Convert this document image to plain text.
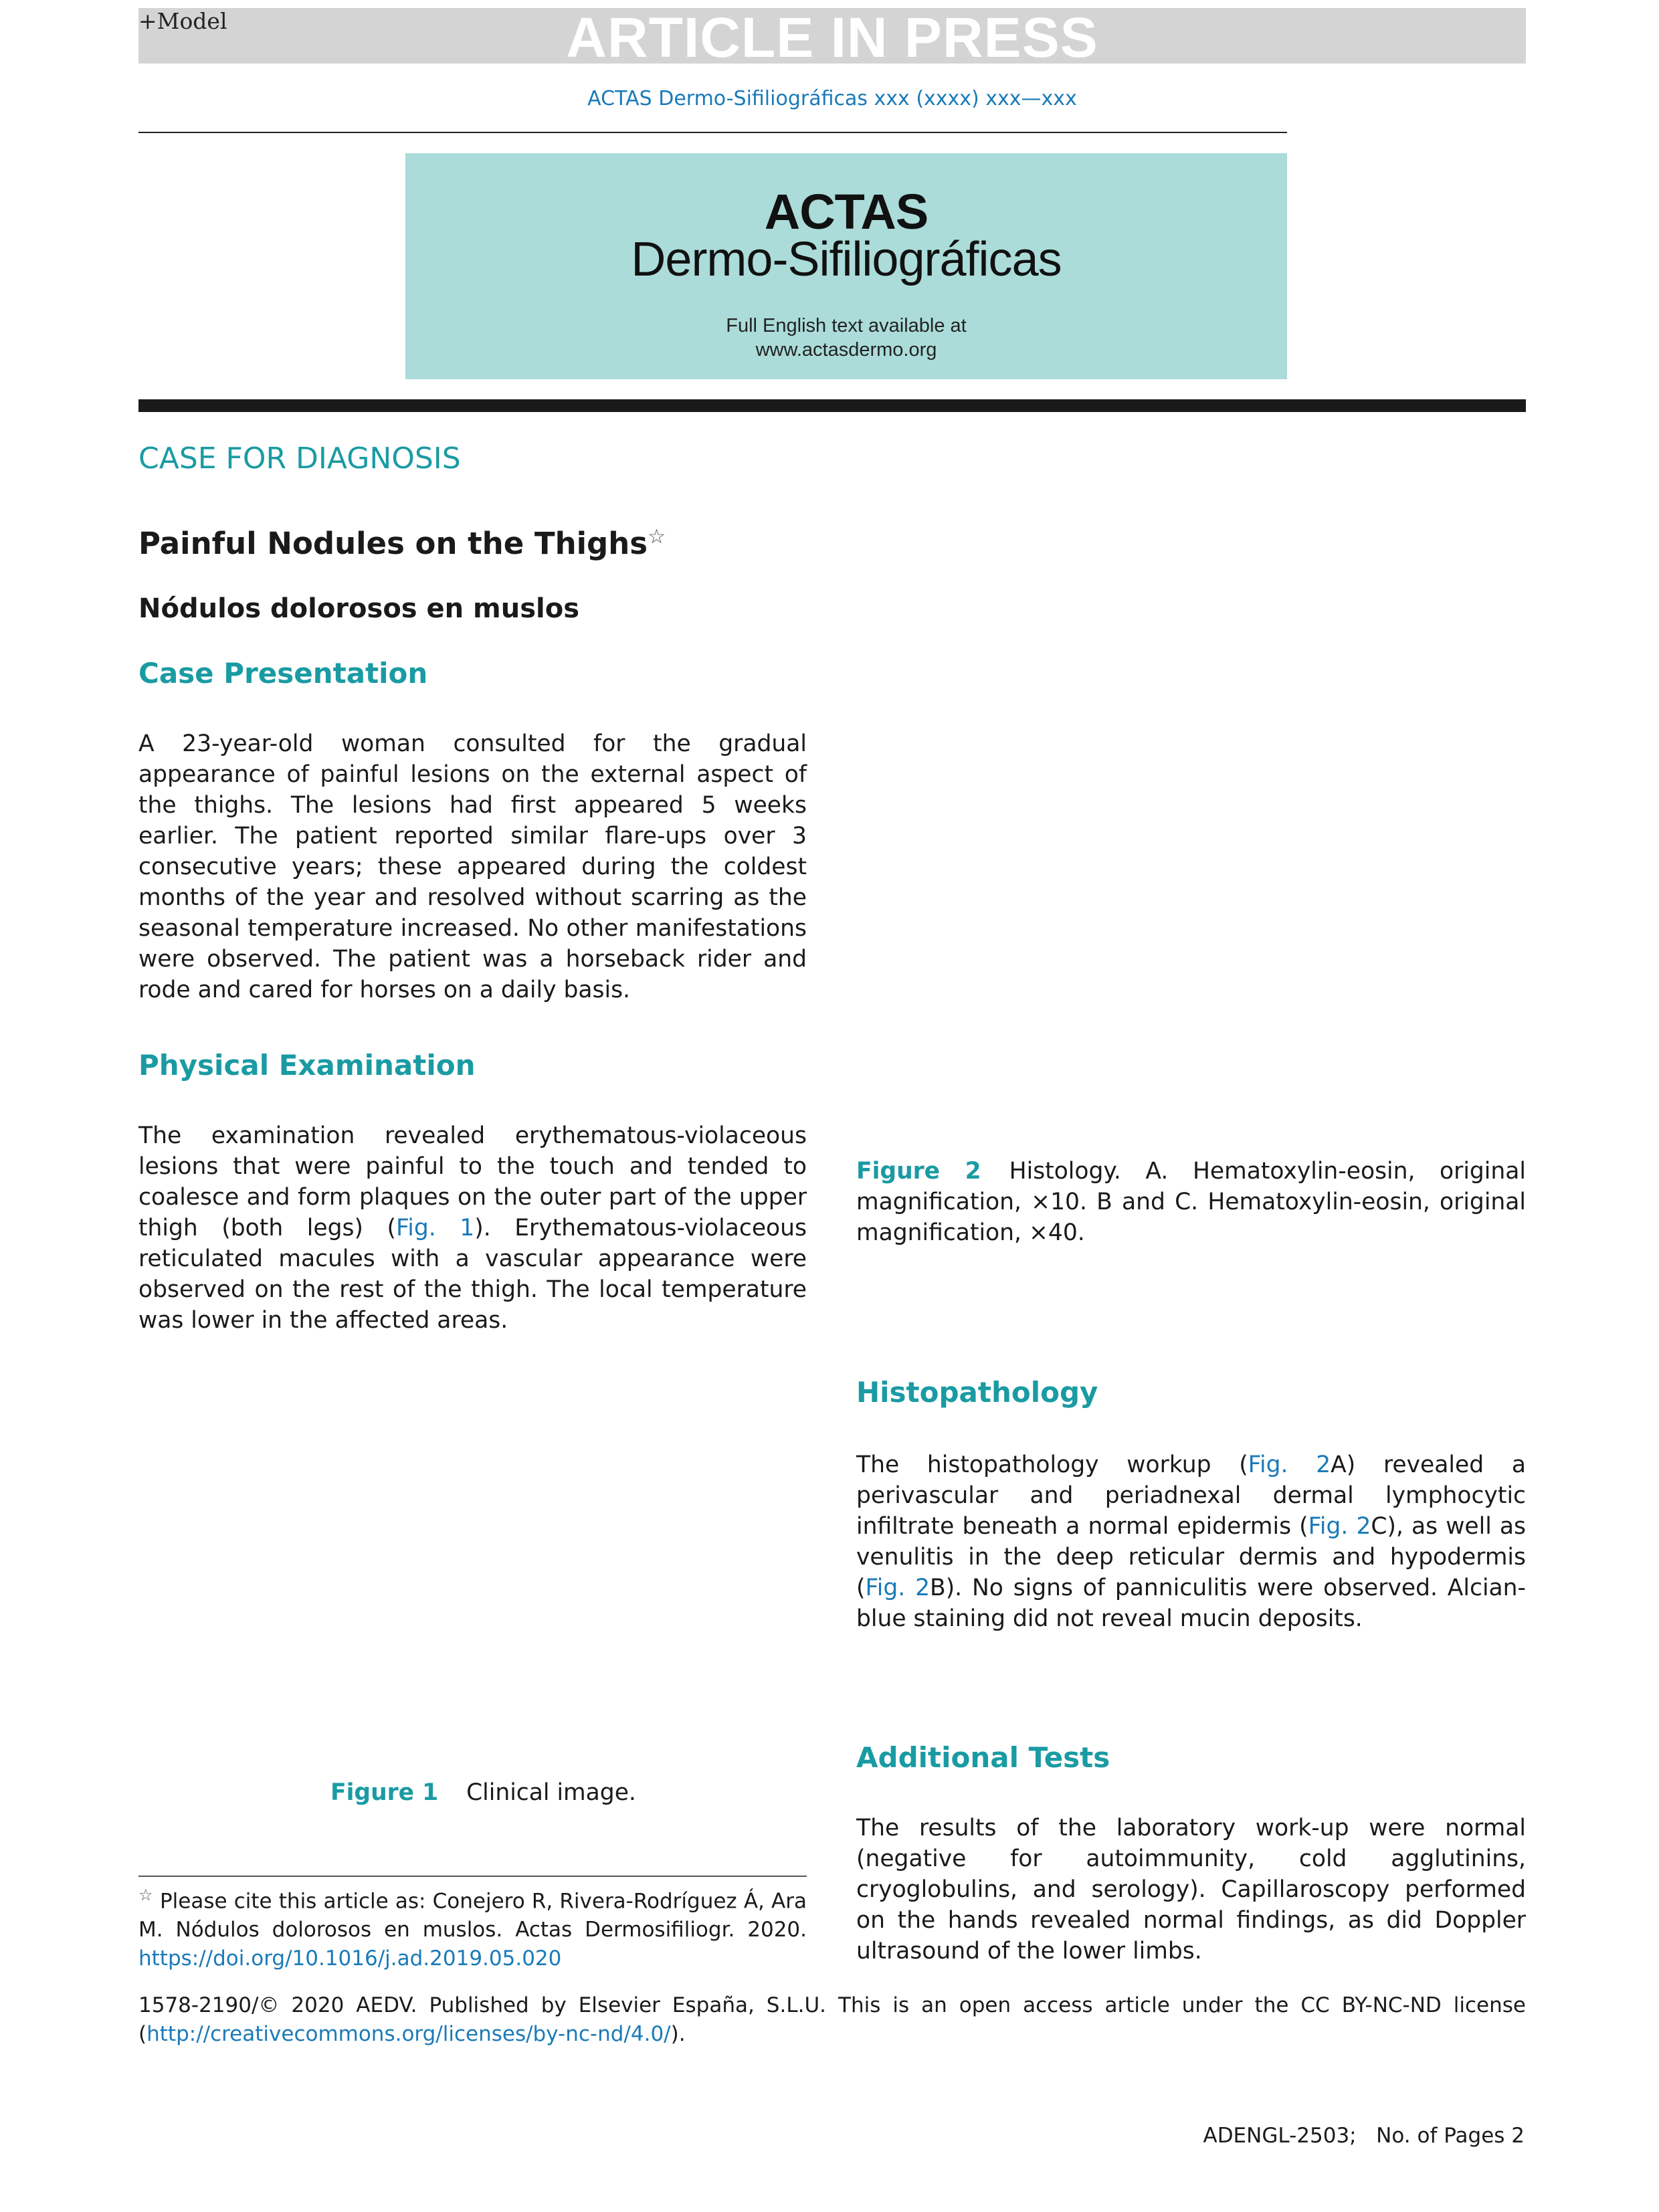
+Model	ARTICLE IN PRESS
ACTAS Dermo-Sifiliográficas xxx (xxxx) xxx—xxx
ACTAS
Dermo-Sifiliográficas
Full English text available at
www.actasdermo.org
CASE FOR DIAGNOSIS
Painful Nodules on the Thighs☆
Nódulos dolorosos en muslos
Case Presentation
A 23-year-old woman consulted for the gradual appearance of painful lesions on the external aspect of the thighs. The lesions had first appeared 5 weeks earlier. The patient reported similar flare-ups over 3 consecutive years; these appeared during the coldest months of the year and resolved without scarring as the seasonal temperature increased. No other manifestations were observed. The patient was a horseback rider and rode and cared for horses on a daily basis.
Physical Examination
The examination revealed erythematous-violaceous lesions that were painful to the touch and tended to coalesce and form plaques on the outer part of the upper thigh (both legs) (Fig. 1). Erythematous-violaceous reticulated macules with a vascular appearance were observed on the rest of the thigh. The local temperature was lower in the affected areas.
Figure 2 Histology. A. Hematoxylin-eosin, original magnification, ×10. B and C. Hematoxylin-eosin, original magnification, ×40.
Histopathology
The histopathology workup (Fig. 2A) revealed a perivascular and periadnexal dermal lymphocytic infiltrate beneath a normal epidermis (Fig. 2C), as well as venulitis in the deep reticular dermis and hypodermis (Fig. 2B). No signs of panniculitis were observed. Alcian-blue staining did not reveal mucin deposits.
Additional Tests
The results of the laboratory work-up were normal (negative for autoimmunity, cold agglutinins, cryoglobulins, and serology). Capillaroscopy performed on the hands revealed normal findings, as did Doppler ultrasound of the lower limbs.
Figure 1 Clinical image.
☆ Please cite this article as: Conejero R, Rivera-Rodríguez Á, Ara M. Nódulos dolorosos en muslos. Actas Dermosifiliogr. 2020. https://doi.org/10.1016/j.ad.2019.05.020
1578-2190/© 2020 AEDV. Published by Elsevier España, S.L.U. This is an open access article under the CC BY-NC-ND license (http://creativecommons.org/licenses/by-nc-nd/4.0/).
ADENGL-2503;   No. of Pages 2
